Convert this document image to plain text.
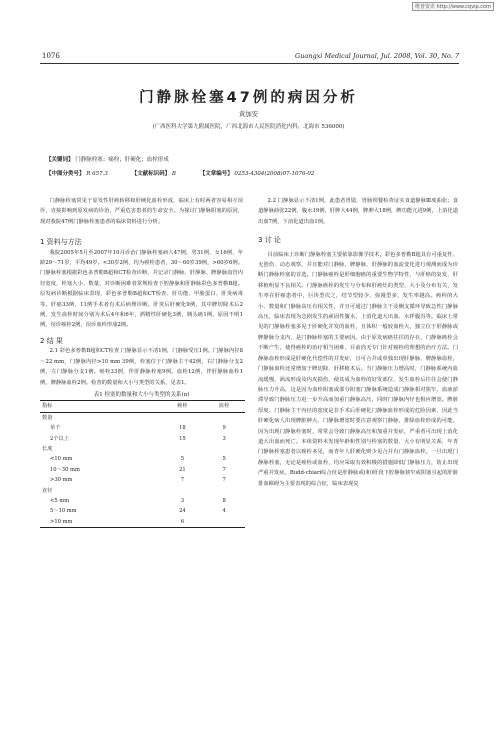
维普资讯 http://www.cqvip.com
1076	Guangxi Medical Journal, Jul. 2008, Vol. 30, No. 7
门静脉栓塞47例的病因分析
黄加安
(广西医科大学第九附属医院，广西北海市人民医院消化内科，北海市 536000)
【关键词】 门静脉栓塞；癌栓；肝硬化；血栓形成
【中图分类号】 R 657.3	【文献标识码】 B	【文章编号】 0253-4304(2008)07-1076-02

门静脉栓塞常见于原发性肝癌转移和肝硬化血栓形成，临床上有时两者容易相互误诊，直接影响到原发病的诊治，严重危害患者的生命安全。为探讨门静脉阻塞的原因，现对我院47例门静脉栓塞患者的临床资料进行分析。

1 资料与方法

我院2005年5月至2007年10月诊治门静脉栓塞病人47例，男31例，女16例，年龄29～71岁，平均49岁。<30岁2例，均为癌栓患者，30～60岁39例，>60岁6例。门静脉栓塞根据彩色多普勒B超和CT检查诊断，并记录门静脉、肝静脉、脾静脉血管内径宽度，栓塞大小、数量，对诊断困难者常规检查下腔静脉和肝静脉彩色多普勒B超。原发病诊断根据临床表现、彩色多普勒B超和CT检查、肝功能、甲胎蛋白、肝炎病毒等。肝癌33例，11例手术者有术后病理诊断。肝炎后肝硬化9例，其中脾切除术后2例，发生血栓时间分别为术后4年和6年，酒精性肝硬化3例，胰头癌1例，原因不明1例，误诊癌栓2例，误诊血栓形成2例。

2 结 果

2.1 彩色多普勒B超和CT检查 门静脉显示不清1例，门静脉受压1例。门静脉内径8～22 mm，门静脉内径>10 mm 39例，栓塞位于门静脉主干42例，右门静脉分支2例，左门静脉分支1例。癌栓33例，伴肝静脉栓塞9例。血栓12例，伴肝静脉血栓1例，脾静脉血栓2例。检查的数量和大小与类型的关系，见表1。

表1 栓塞的数量和大小与类型的关系(n)
指标	癌栓	血栓
数量		
单个	18	9
2个以上	15	3
长度		
<10 mm	5	5
10～30 mm	21	7
>30 mm	7	7
直径		
<5 mm	3	8
5～10 mm	24	4
>10 mm	6	

2.2 门静脉显示不清1例，此患者胃镜、胃肠钡餐检查证实食道静脉Ⅲ度曲张；食道静脉曲张22例，腹水19例，肝肿大44例，脾肿大18例，脾功能亢进9例，上消化道出血7例，下消化道出血1例。

3 讨 论

目前临床上诊断门静脉栓塞主要依靠影像学技术，彩色多普勒B超具有可重复性、无创伤、动态观察，并且能对门静脉、脾静脉、肝静脉的血流变化进行观测而成为诊断门静脉栓塞的首选。门静脉癌栓是肝细胞癌的重要生物学特性，与肝癌的复发、肝移植明显不良相关。门静脉癌栓的发生与分布和肝癌灶的类型、大小及分布有关，发生率在肝癌患者中，巨块型次之，结节型较少，弥漫型多，发生率越高。癌栓的大小、数量和门静脉高压有相关性，并且可通过门静脉主干及侧支循环导致急性门静脉高压，临床表现为急剧发生的顽固性腹水、上消化道大出血、水样腹泻等。临床上常见的门静脉栓塞多见于肝硬化并发的血栓，且体积一般较血栓大，独立位于肝静脉或脾静脉分支内，是门静脉栓塞的主要病因。由于原发病癌往往的存在，门静脉癌栓会不断产生，使得癌栓的治疗相当困难，目前尚无专门针对癌栓的理想的治疗方法。门静脉血栓形成是肝硬化代偿性的并发症，且可合并或单独出现肝静脉、脾静脉血栓，门静脉血栓还常增加于脾切除、肝移植术后。当门静脉压力增高时，门静脉系统内血流缓慢，涡流形成及内皮损伤，使其成为血栓的好发部位，发生血栓后往往会使门静脉压力升高，这是因为血栓阻塞或部分阻塞门静脉系统造成门静脉相对狭窄，血液淤滞导致门静脉压力进一步升高而加重门静脉高压，同时门静脉内径也相应增宽。脾脏厚度、门静脉主干内径的宽度是非手术后肝硬化门静脉血栓形成的危险因素，因此当肝硬化病人出现脾脏肿大、门静脉增宽时要注意观察门静脉，排除血栓形成的可能，因为出现门静脉栓塞时，常常会导致门静脉高压和加重并发症，严重者可出现上消化道大出血而死亡。本组资料未发现年龄和性别与栓塞的数量、大小有明显关系，年青门静脉栓塞患者以癌栓多见，而青年人肝硬化则少见合并有门静脉血栓。一旦出现门静脉栓塞，无论是癌栓或血栓，均应采取有效积极的措施降低门静脉压力，防止出现严重并发症。Budd-chiari综合征是肝静脉或(和)肝段下腔静脉狭窄或阻塞引起的肝脏排血障碍为主要表现的综合征，临床表现复
